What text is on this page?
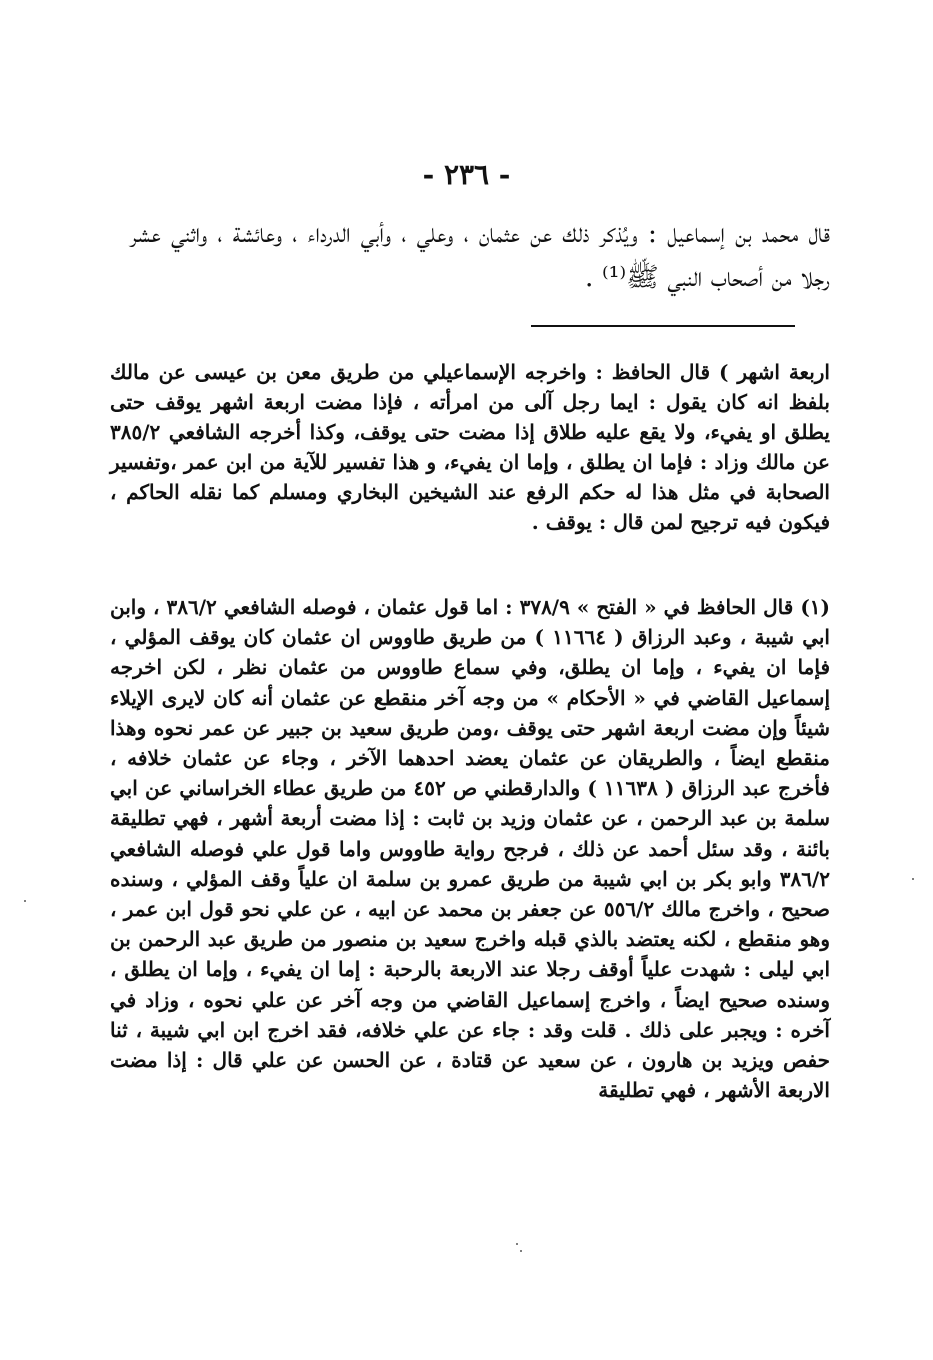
- ٢٣٦ -

قال محمد بن إسماعيل : ويُذكر ذلك عن عثمان ، وعلي ، وأبي الدرداء ، وعائشة ، واثني عشر رجلا من أصحاب النبي ﷺ⁽¹⁾ .

اربعة اشهر ) قال الحافظ : واخرجه الإسماعيلي من طريق معن بن عيسى عن مالك بلفظ انه كان يقول : ايما رجل آلى من امرأته ، فإذا مضت اربعة اشهر يوقف حتى يطلق او يفيء، ولا يقع عليه طلاق إذا مضت حتى يوقف، وكذا أخرجه الشافعي ٣٨٥/٢ عن مالك وزاد : فإما ان يطلق ، وإما ان يفيء، و هذا تفسير للآية من ابن عمر ،وتفسير الصحابة في مثل هذا له حكم الرفع عند الشيخين البخاري ومسلم كما نقله الحاكم ، فيكون فيه ترجيح لمن قال : يوقف .

(١) قال الحافظ في « الفتح » ٣٧٨/٩ : اما قول عثمان ، فوصله الشافعي ٣٨٦/٢ ، وابن ابي شيبة ، وعبد الرزاق ( ١١٦٦٤ ) من طريق طاووس ان عثمان كان يوقف المؤلي ، فإما ان يفيء ، وإما ان يطلق، وفي سماع طاووس من عثمان نظر ، لكن اخرجه إسماعيل القاضي في « الأحكام » من وجه آخر منقطع عن عثمان أنه كان لايرى الإيلاء شيئاً وإن مضت اربعة اشهر حتى يوقف ،ومن طريق سعيد بن جبير عن عمر نحوه وهذا منقطع ايضاً ، والطريقان عن عثمان يعضد احدهما الآخر ، وجاء عن عثمان خلافه ، فأخرج عبد الرزاق ( ١١٦٣٨ ) والدارقطني ص ٤٥٢ من طريق عطاء الخراساني عن ابي سلمة بن عبد الرحمن ، عن عثمان وزيد بن ثابت : إذا مضت أربعة أشهر ، فهي تطليقة بائنة ، وقد سئل أحمد عن ذلك ، فرجح رواية طاووس واما قول علي فوصله الشافعي ٣٨٦/٢ وابو بكر بن ابي شيبة من طريق عمرو بن سلمة ان علياً وقف المؤلي ، وسنده صحيح ، واخرج مالك ٥٥٦/٢ عن جعفر بن محمد عن ابيه ، عن علي نحو قول ابن عمر ، وهو منقطع ، لكنه يعتضد بالذي قبله واخرج سعيد بن منصور من طريق عبد الرحمن بن ابي ليلى : شهدت علياً أوقف رجلا عند الاربعة بالرحبة : إما ان يفيء ، وإما ان يطلق ، وسنده صحيح ايضاً ، واخرج إسماعيل القاضي من وجه آخر عن علي نحوه ، وزاد في آخره : ويجبر على ذلك . قلت وقد : جاء عن علي خلافه، فقد اخرج ابن ابي شيبة ، ثنا حفص ويزيد بن هارون ، عن سعيد عن قتادة ، عن الحسن عن علي قال : إذا مضت الاربعة الأشهر ، فهي تطليقة
